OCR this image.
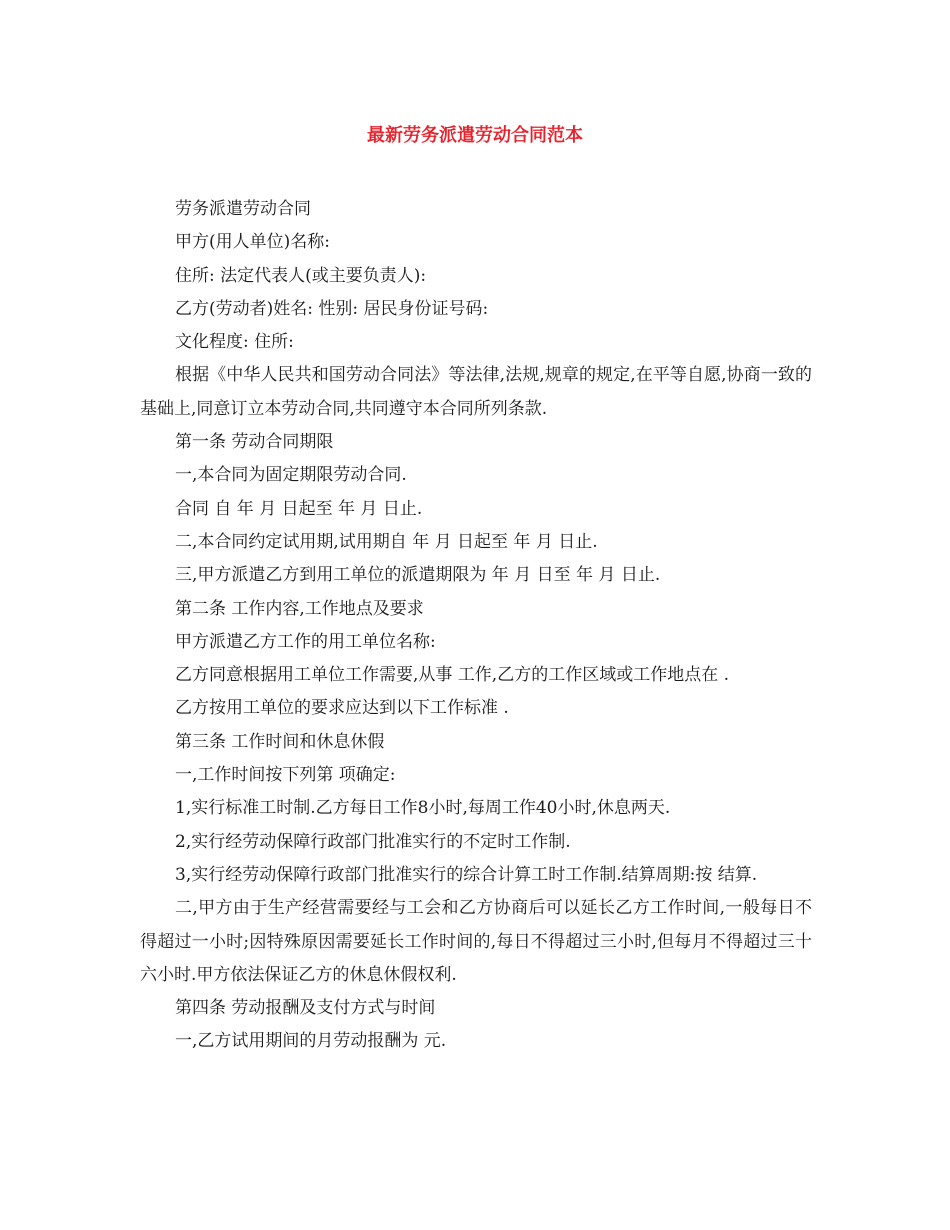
最新劳务派遣劳动合同范本

劳务派遣劳动合同

甲方(用人单位)名称:

住所: 法定代表人(或主要负责人):

乙方(劳动者)姓名: 性别: 居民身份证号码:

文化程度: 住所:

根据《中华人民共和国劳动合同法》等法律,法规,规章的规定,在平等自愿,协商一致的基础上,同意订立本劳动合同,共同遵守本合同所列条款.

第一条 劳动合同期限

一,本合同为固定期限劳动合同.

合同 自 年 月 日起至 年 月 日止.

二,本合同约定试用期,试用期自 年 月 日起至 年 月 日止.

三,甲方派遣乙方到用工单位的派遣期限为 年 月 日至 年 月 日止.

第二条 工作内容,工作地点及要求

甲方派遣乙方工作的用工单位名称:

乙方同意根据用工单位工作需要,从事 工作,乙方的工作区域或工作地点在 .

乙方按用工单位的要求应达到以下工作标准 .

第三条 工作时间和休息休假

一,工作时间按下列第 项确定:

1,实行标准工时制.乙方每日工作8小时,每周工作40小时,休息两天.

2,实行经劳动保障行政部门批准实行的不定时工作制.

3,实行经劳动保障行政部门批准实行的综合计算工时工作制.结算周期:按 结算.

二,甲方由于生产经营需要经与工会和乙方协商后可以延长乙方工作时间,一般每日不得超过一小时;因特殊原因需要延长工作时间的,每日不得超过三小时,但每月不得超过三十六小时.甲方依法保证乙方的休息休假权利.

第四条 劳动报酬及支付方式与时间

一,乙方试用期间的月劳动报酬为 元.
